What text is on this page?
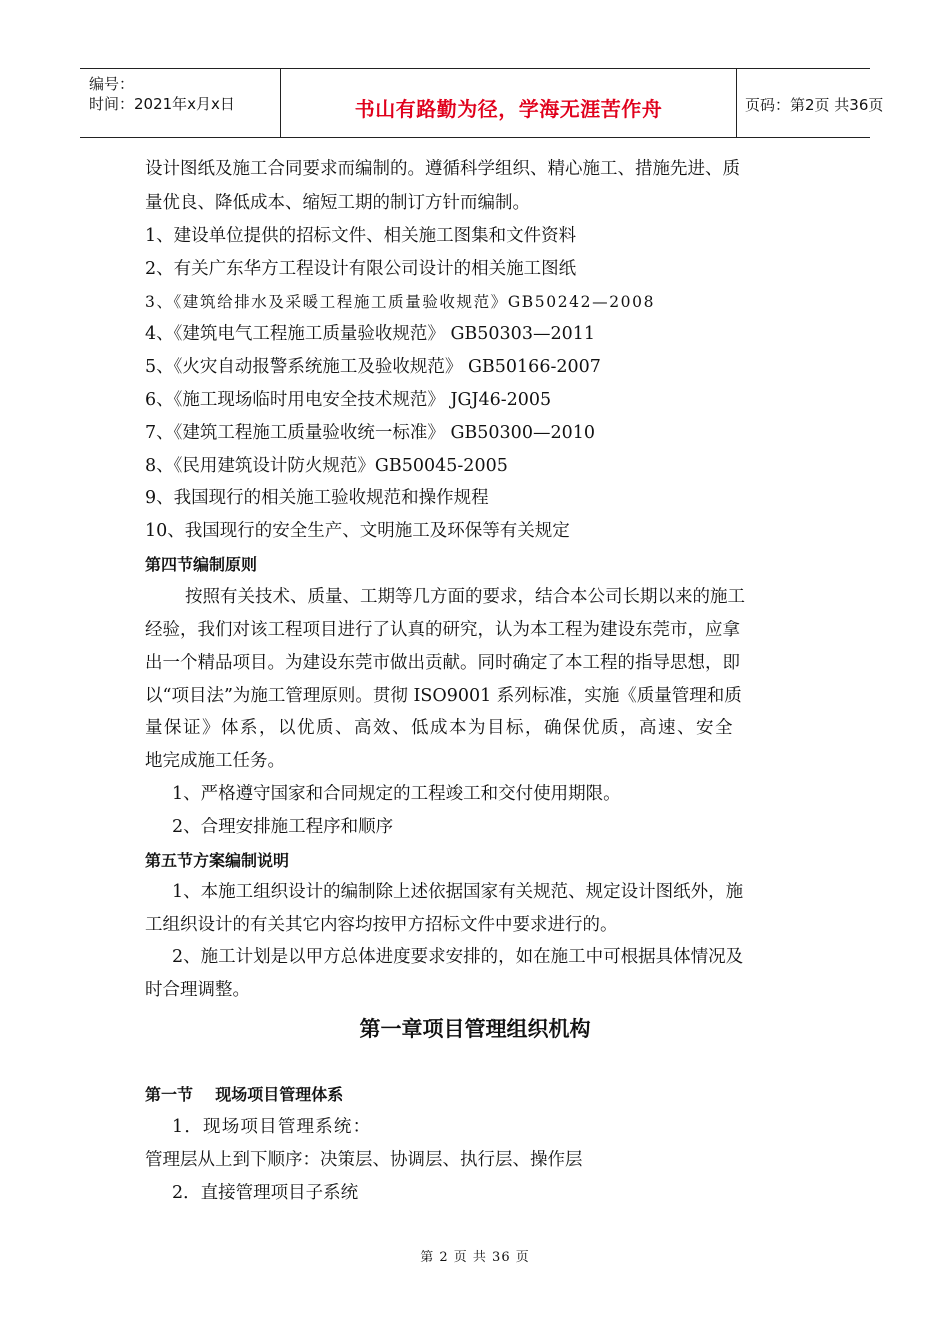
编号：
时间：2021年x月x日	书山有路勤为径，学海无涯苦作舟	页码：第2页 共36页
设计图纸及施工合同要求而编制的。遵循科学组织、精心施工、措施先进、质
量优良、降低成本、缩短工期的制订方针而编制。
1、建设单位提供的招标文件、相关施工图集和文件资料
2、有关广东华方工程设计有限公司设计的相关施工图纸
3、《建筑给排水及采暖工程施工质量验收规范》GB50242—2008
4、《建筑电气工程施工质量验收规范》 GB50303—2011
5、《火灾自动报警系统施工及验收规范》 GB50166-2007
6、《施工现场临时用电安全技术规范》 JGJ46-2005
7、《建筑工程施工质量验收统一标准》 GB50300—2010
8、《民用建筑设计防火规范》GB50045-2005
9、我国现行的相关施工验收规范和操作规程
10、我国现行的安全生产、文明施工及环保等有关规定
第四节编制原则
按照有关技术、质量、工期等几方面的要求，结合本公司长期以来的施工
经验，我们对该工程项目进行了认真的研究，认为本工程为建设东莞市，应拿
出一个精品项目。为建设东莞市做出贡献。同时确定了本工程的指导思想，即
以“项目法”为施工管理原则。贯彻 ISO9001 系列标准，实施《质量管理和质
量保证》体系，以优质、高效、低成本为目标，确保优质，高速、安全
地完成施工任务。
1、严格遵守国家和合同规定的工程竣工和交付使用期限。
2、合理安排施工程序和顺序
第五节方案编制说明
1、本施工组织设计的编制除上述依据国家有关规范、规定设计图纸外，施
工组织设计的有关其它内容均按甲方招标文件中要求进行的。
2、施工计划是以甲方总体进度要求安排的，如在施工中可根据具体情况及
时合理调整。
第一章项目管理组织机构
第一节    现场项目管理体系
1．现场项目管理系统：
管理层从上到下顺序：决策层、协调层、执行层、操作层
2．直接管理项目子系统
第 2 页 共 36 页
